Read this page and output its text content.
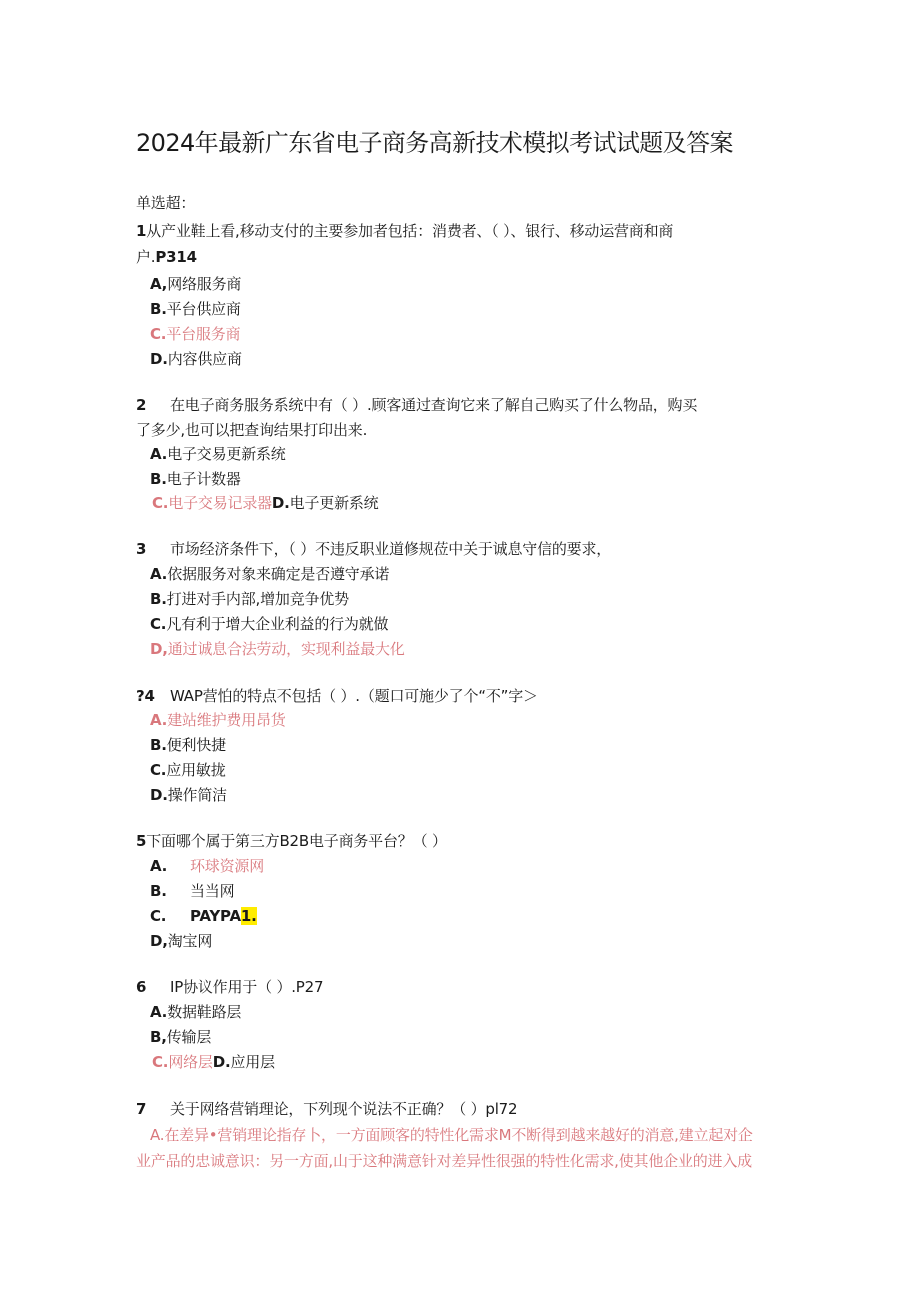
2024年最新广东省电子商务高新技术模拟考试试题及答案
单选超：
1从产业鞋上看,移动支付的主要参加者包括：消费者、（ ）、银行、移动运营商和商
户.P314
A,网络服务商
B.平台供应商
C.平台服务商
D.内容供应商
2 在电子商务服务系统中有（ ）.顾客通过查询它来了解自己购买了什么物品，购买
了多少,也可以把查询结果打印出来.
A.电子交易更新系统
B.电子计数器
C.电子交易记录器D.电子更新系统
3 市场经济条件下，（ ）不违反职业道修规莅中关于诚息守信的要求，
A.依据服务对象来确定是否遵守承诺
B.打进对手内部,增加竞争优势
C.凡有利于增大企业利益的行为就做
D,通过诚息合法劳动，实现利益最大化
?4 WAP营怕的特点不包括（ ）.（题口可施少了个“不”字＞
A.建站维护费用昂货
B.便利快捷
C.应用敏拢
D.操作简洁
5下面哪个属于第三方B2B电子商务平台？（ ）
A. 环球资源网
B. 当当网
C. PAYPA1.
D,淘宝网
6 IP协议作用于（ ）.P27
A.数据鞋路层
B,传输层
C.网络层D.应用层
7 关于网络营销理论，下列现个说法不正确？（ ）pl72
A.在差异•营销理论指存卜，一方面顾客的特性化需求M不断得到越来越好的消意,建立起对企
业产品的忠诚意识：另一方面,山于这种满意针对差异性很强的特性化需求,使其他企业的进入成
